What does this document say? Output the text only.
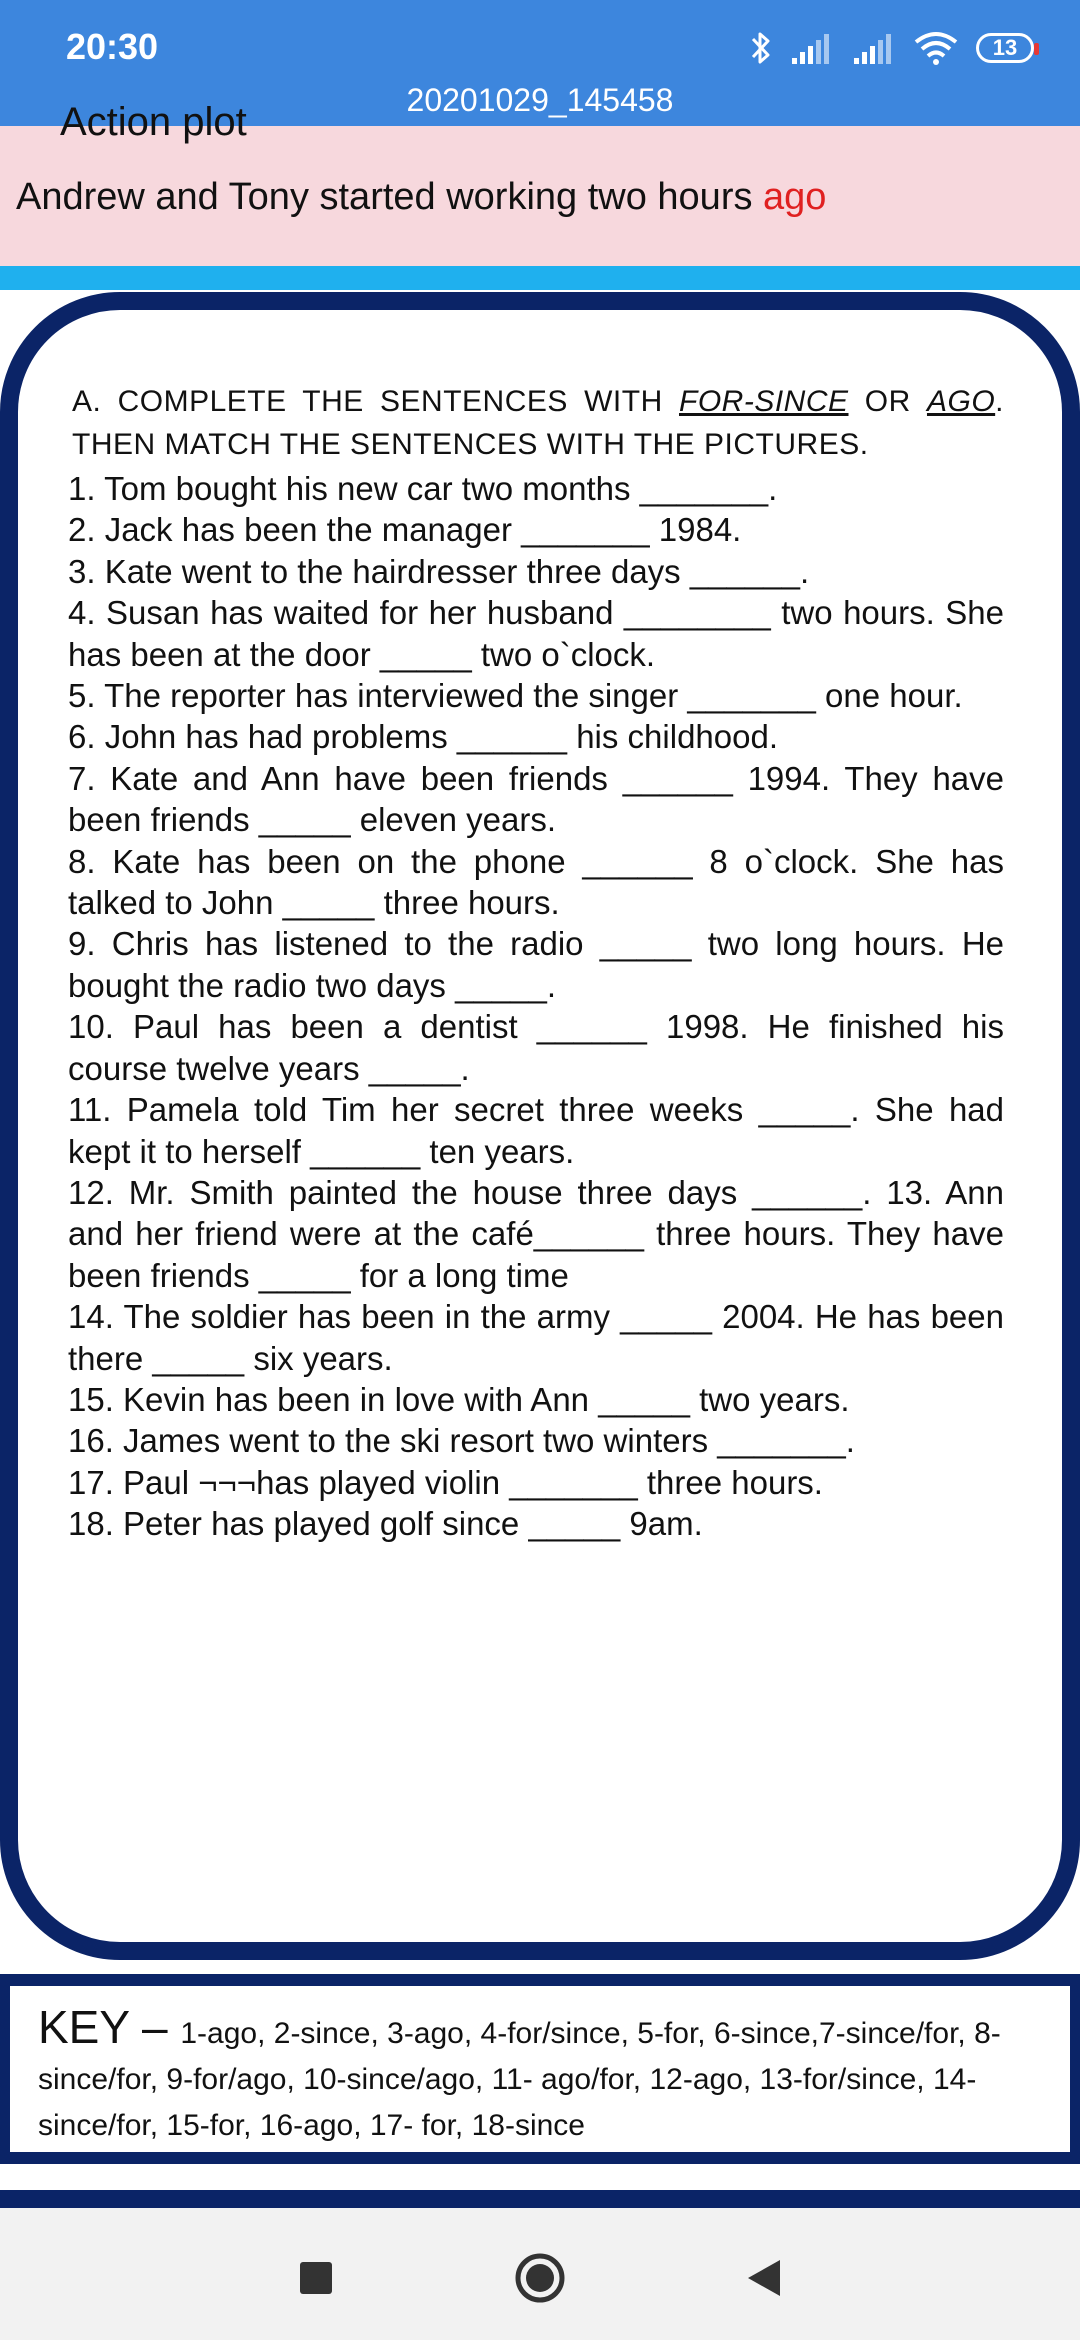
20:30	13
20201029_145458
Action plot
Andrew and Tony started working two hours ago

A. COMPLETE THE SENTENCES WITH FOR-SINCE OR AGO. THEN MATCH THE SENTENCES WITH THE PICTURES.

1. Tom bought his new car two months _______.
2. Jack has been the manager _______ 1984.
3. Kate went to the hairdresser three days ______.
4. Susan has waited for her husband ________ two hours. She has been at the door _____ two o`clock.
5. The reporter has interviewed the singer _______ one hour.
6. John has had problems ______ his childhood.
7. Kate and Ann have been friends ______ 1994. They have been friends _____ eleven years.
8. Kate has been on the phone ______ 8 o`clock. She has talked to John _____ three hours.
9. Chris has listened to the radio _____ two long hours. He bought the radio two days _____.
10. Paul has been a dentist ______ 1998. He finished his course twelve years _____.
11. Pamela told Tim her secret three weeks _____. She had kept it to herself ______ ten years.
12. Mr. Smith painted the house three days ______. 13. Ann and her friend were at the café______ three hours. They have been friends _____ for a long time
14. The soldier has been in the army _____ 2004. He has been there _____ six years.
15. Kevin has been in love with Ann _____ two years.
16. James went to the ski resort two winters _______.
17. Paul ¬¬¬has played violin _______ three hours.
18. Peter has played golf since _____ 9am.
KEY – 1-ago, 2-since, 3-ago, 4-for/since, 5-for, 6-since,7-since/for, 8-since/for, 9-for/ago, 10-since/ago, 11- ago/for, 12-ago, 13-for/since, 14-since/for, 15-for, 16-ago, 17- for, 18-since
